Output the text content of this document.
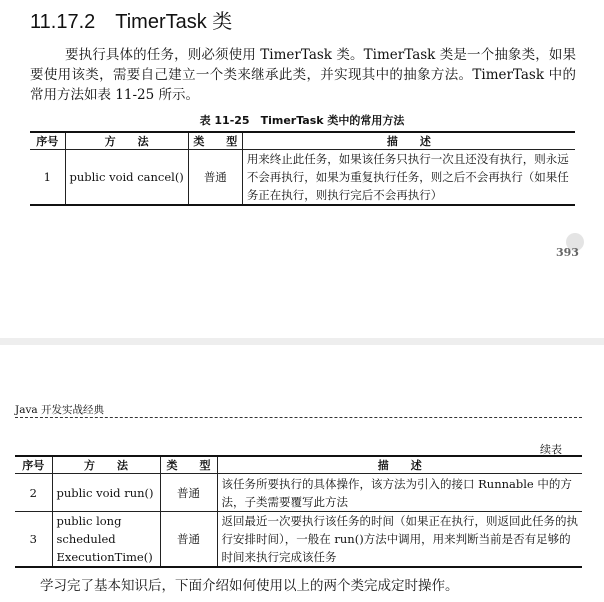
11.17.2 TimerTask 类
要执行具体的任务，则必须使用 TimerTask 类。TimerTask 类是一个抽象类，如果要使用该类，需要自己建立一个类来继承此类，并实现其中的抽象方法。TimerTask 中的常用方法如表 11-25 所示。
表 11-25　TimerTask 类中的常用方法
序号	方　　法	类　　型	描　　述
1	public void cancel()	普通	用来终止此任务，如果该任务只执行一次且还没有执行，则永远不会再执行，如果为重复执行任务，则之后不会再执行（如果任务正在执行，则执行完后不会再执行）
393
Java 开发实战经典
续表
序号	方　　法	类　　型	描　　述
2	public void run()	普通	该任务所要执行的具体操作，该方法为引入的接口 Runnable 中的方法，子类需要覆写此方法
3	public long scheduled ExecutionTime()	普通	返回最近一次要执行该任务的时间（如果正在执行，则返回此任务的执行安排时间），一般在 run()方法中调用，用来判断当前是否有足够的时间来执行完成该任务
学习完了基本知识后，下面介绍如何使用以上的两个类完成定时操作。
